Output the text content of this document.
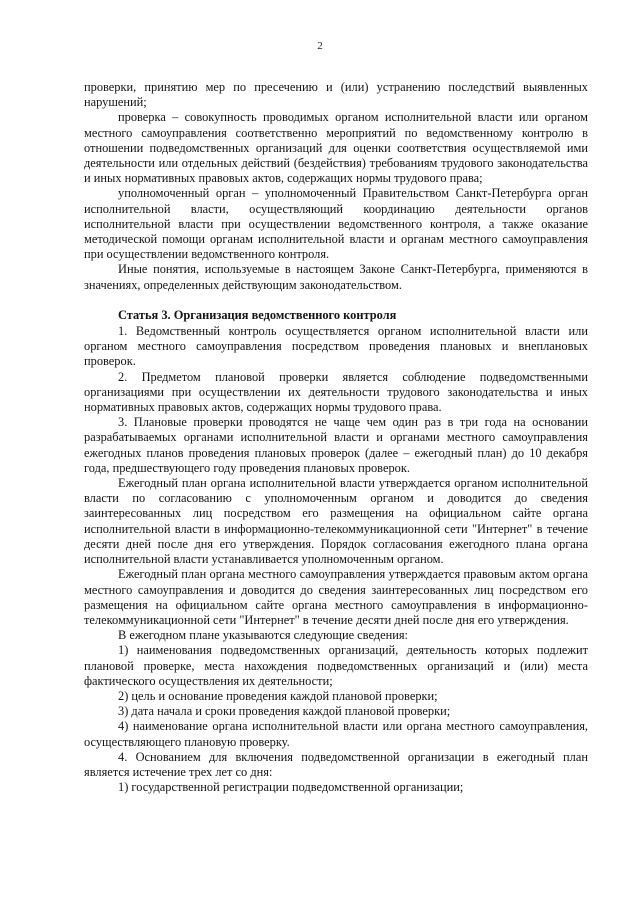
2

проверки, принятию мер по пресечению и (или) устранению последствий выявленных нарушений;

проверка – совокупность проводимых органом исполнительной власти или органом местного самоуправления соответственно мероприятий по ведомственному контролю в отношении подведомственных организаций для оценки соответствия осуществляемой ими деятельности или отдельных действий (бездействия) требованиям трудового законодательства и иных нормативных правовых актов, содержащих нормы трудового права;

уполномоченный орган – уполномоченный Правительством Санкт-Петербурга орган исполнительной власти, осуществляющий координацию деятельности органов исполнительной власти при осуществлении ведомственного контроля, а также оказание методической помощи органам исполнительной власти и органам местного самоуправления при осуществлении ведомственного контроля.

Иные понятия, используемые в настоящем Законе Санкт-Петербурга, применяются в значениях, определенных действующим законодательством.

Статья 3. Организация ведомственного контроля

1. Ведомственный контроль осуществляется органом исполнительной власти или органом местного самоуправления посредством проведения плановых и внеплановых проверок.

2. Предметом плановой проверки является соблюдение подведомственными организациями при осуществлении их деятельности трудового законодательства и иных нормативных правовых актов, содержащих нормы трудового права.

3. Плановые проверки проводятся не чаще чем один раз в три года на основании разрабатываемых органами исполнительной власти и органами местного самоуправления ежегодных планов проведения плановых проверок (далее – ежегодный план) до 10 декабря года, предшествующего году проведения плановых проверок.

Ежегодный план органа исполнительной власти утверждается органом исполнительной власти по согласованию с уполномоченным органом и доводится до сведения заинтересованных лиц посредством его размещения на официальном сайте органа исполнительной власти в информационно-телекоммуникационной сети "Интернет" в течение десяти дней после дня его утверждения. Порядок согласования ежегодного плана органа исполнительной власти устанавливается уполномоченным органом.

Ежегодный план органа местного самоуправления утверждается правовым актом органа местного самоуправления и доводится до сведения заинтересованных лиц посредством его размещения на официальном сайте органа местного самоуправления в информационно-телекоммуникационной сети "Интернет" в течение десяти дней после дня его утверждения.

В ежегодном плане указываются следующие сведения:

1) наименования подведомственных организаций, деятельность которых подлежит плановой проверке, места нахождения подведомственных организаций и (или) места фактического осуществления их деятельности;

2) цель и основание проведения каждой плановой проверки;

3) дата начала и сроки проведения каждой плановой проверки;

4) наименование органа исполнительной власти или органа местного самоуправления, осуществляющего плановую проверку.

4. Основанием для включения подведомственной организации в ежегодный план является истечение трех лет со дня:

1) государственной регистрации подведомственной организации;
